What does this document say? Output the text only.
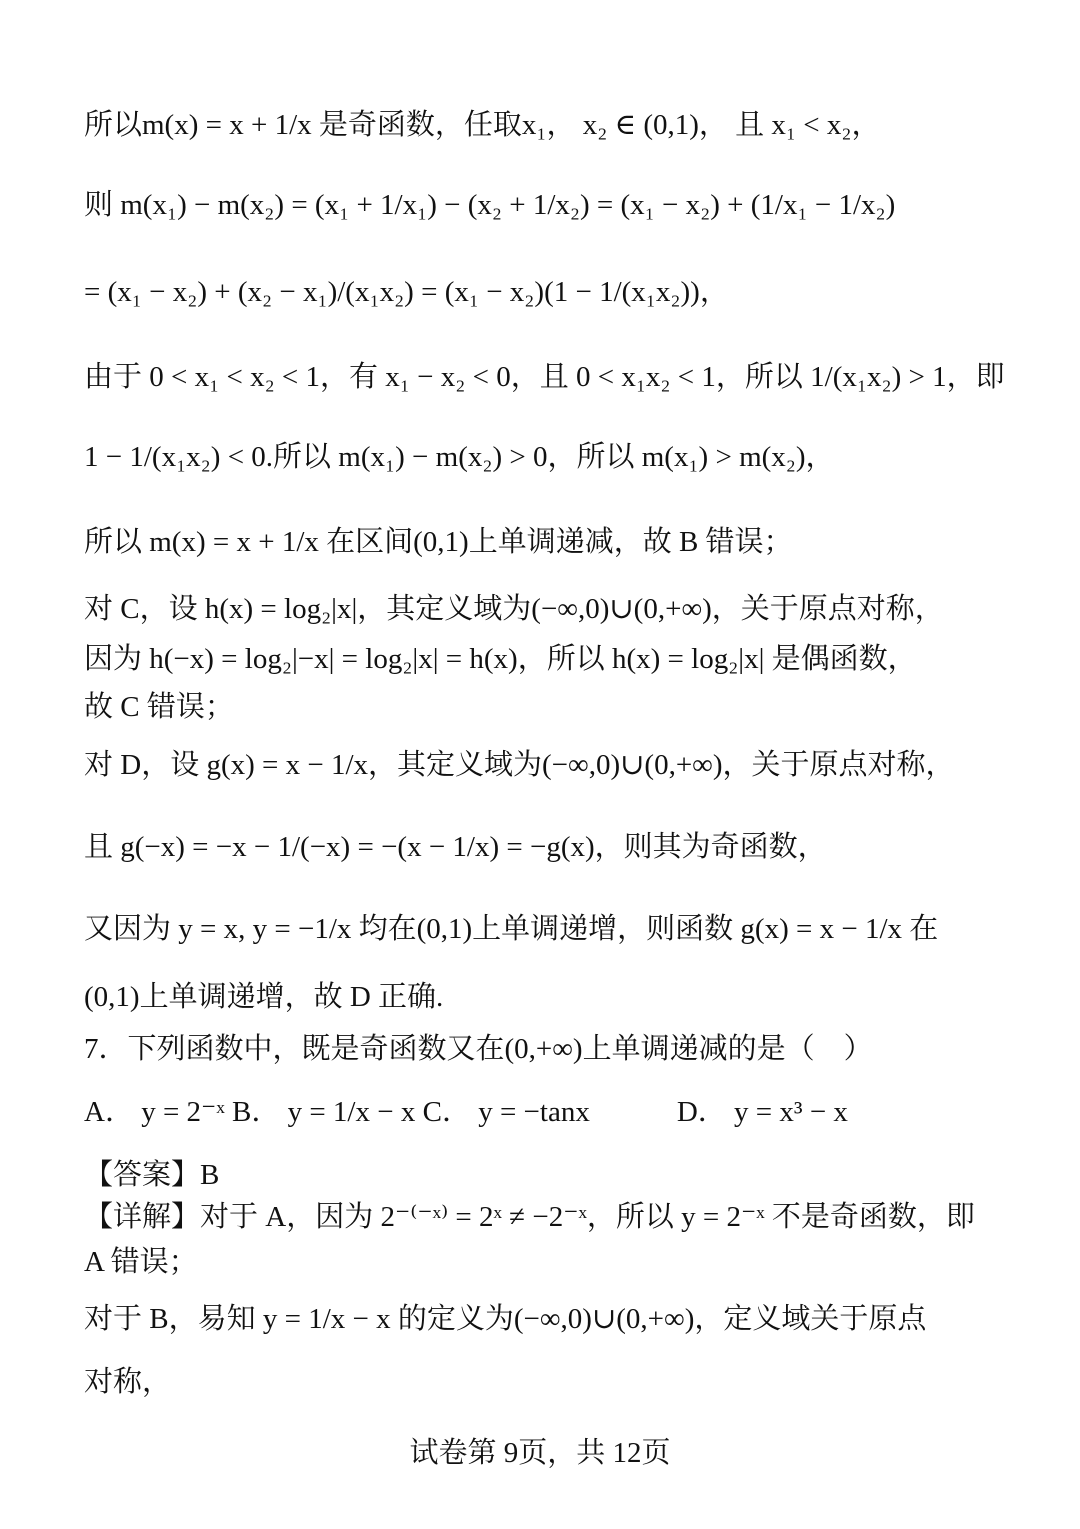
所以m(x) = x + 1/x 是奇函数，任取x₁， x₂ ∈ (0,1)， 且 x₁ < x₂，
则 m(x₁) − m(x₂) = (x₁ + 1/x₁) − (x₂ + 1/x₂) = (x₁ − x₂) + (1/x₁ − 1/x₂)
= (x₁ − x₂) + (x₂ − x₁)/(x₁x₂) = (x₁ − x₂)(1 − 1/(x₁x₂))，
由于 0 < x₁ < x₂ < 1，有 x₁ − x₂ < 0，且 0 < x₁x₂ < 1，所以 1/(x₁x₂) > 1，即
1 − 1/(x₁x₂) < 0.所以 m(x₁) − m(x₂) > 0，所以 m(x₁) > m(x₂)，
所以 m(x) = x + 1/x 在区间(0,1)上单调递减，故 B 错误；
对 C，设 h(x) = log₂|x|，其定义域为(−∞,0)∪(0,+∞)，关于原点对称，
因为 h(−x) = log₂|−x| = log₂|x| = h(x)，所以 h(x) = log₂|x| 是偶函数，
故 C 错误；
对 D，设 g(x) = x − 1/x，其定义域为(−∞,0)∪(0,+∞)，关于原点对称，
且 g(−x) = −x − 1/(−x) = −(x − 1/x) = −g(x)，则其为奇函数，
又因为 y = x, y = −1/x 均在(0,1)上单调递增，则函数 g(x) = x − 1/x 在
(0,1)上单调递增，故 D 正确.
7．下列函数中，既是奇函数又在(0,+∞)上单调递减的是（　）
A． y = 2⁻ˣ B． y = 1/x − x C． y = −tanx　　　D． y = x³ − x
【答案】B
【详解】对于 A，因为 2⁻⁽⁻ˣ⁾ = 2ˣ ≠ −2⁻ˣ，所以 y = 2⁻ˣ 不是奇函数，即
A 错误；
对于 B，易知 y = 1/x − x 的定义为(−∞,0)∪(0,+∞)，定义域关于原点
对称，
试卷第 9页，共 12页
